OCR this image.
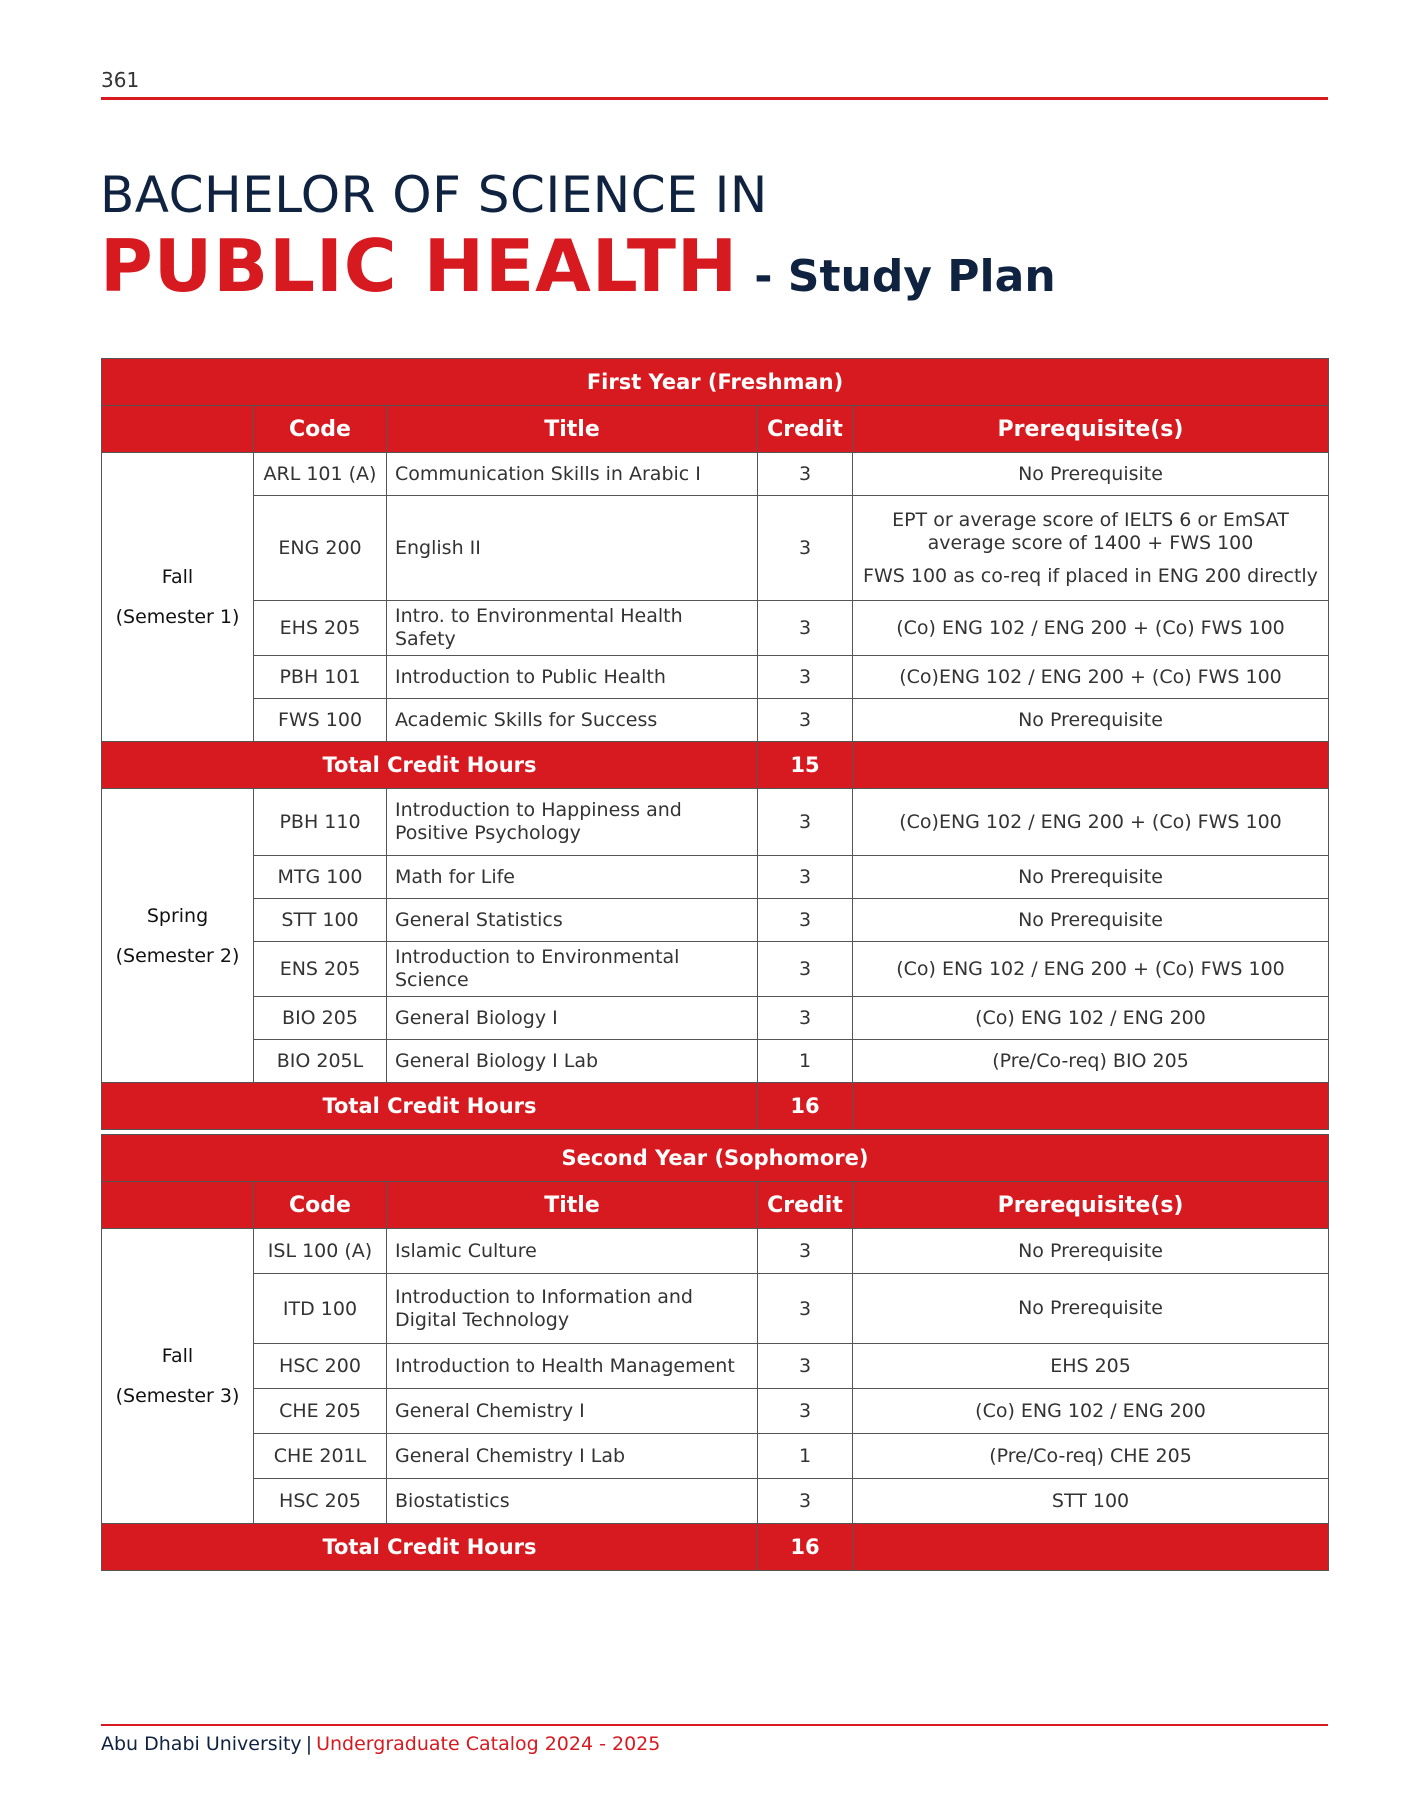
361
BACHELOR OF SCIENCE IN
PUBLIC HEALTH - Study Plan
First Year (Freshman)				
	Code	Title	Credit	Prerequisite(s)
Fall
(Semester 1)	ARL 101 (A)	Communication Skills in Arabic I	3	No Prerequisite
	ENG 200	English II	3	EPT or average score of IELTS 6 or EmSAT average score of 1400 + FWS 100

FWS 100 as co-req if placed in ENG 200 directly

	EHS 205	Intro. to Environmental Health Safety	3	(Co) ENG 102 / ENG 200 + (Co) FWS 100
	PBH 101	Introduction to Public Health	3	(Co)ENG 102 / ENG 200 + (Co) FWS 100
	FWS 100	Academic Skills for Success	3	No Prerequisite
Total Credit Hours			15	
Spring
(Semester 2)	PBH 110	Introduction to Happiness and Positive Psychology	3	(Co)ENG 102 / ENG 200 + (Co) FWS 100
	MTG 100	Math for Life	3	No Prerequisite
	STT 100	General Statistics	3	No Prerequisite
	ENS 205	Introduction to Environmental Science	3	(Co) ENG 102 / ENG 200 + (Co) FWS 100
	BIO 205	General Biology I	3	(Co) ENG 102 / ENG 200
	BIO 205L	General Biology I Lab	1	(Pre/Co-req) BIO 205
Total Credit Hours			16	
Second Year (Sophomore)				
	Code	Title	Credit	Prerequisite(s)
Fall
(Semester 3)	ISL 100 (A)	Islamic Culture	3	No Prerequisite
	ITD 100	Introduction to Information and Digital Technology	3	No Prerequisite
	HSC 200	Introduction to Health Management	3	EHS 205
	CHE 205	General Chemistry I	3	(Co) ENG 102 / ENG 200
	CHE 201L	General Chemistry I Lab	1	(Pre/Co-req) CHE 205
	HSC 205	Biostatistics	3	STT 100
Total Credit Hours			16	
Abu Dhabi University | Undergraduate Catalog 2024 - 2025
